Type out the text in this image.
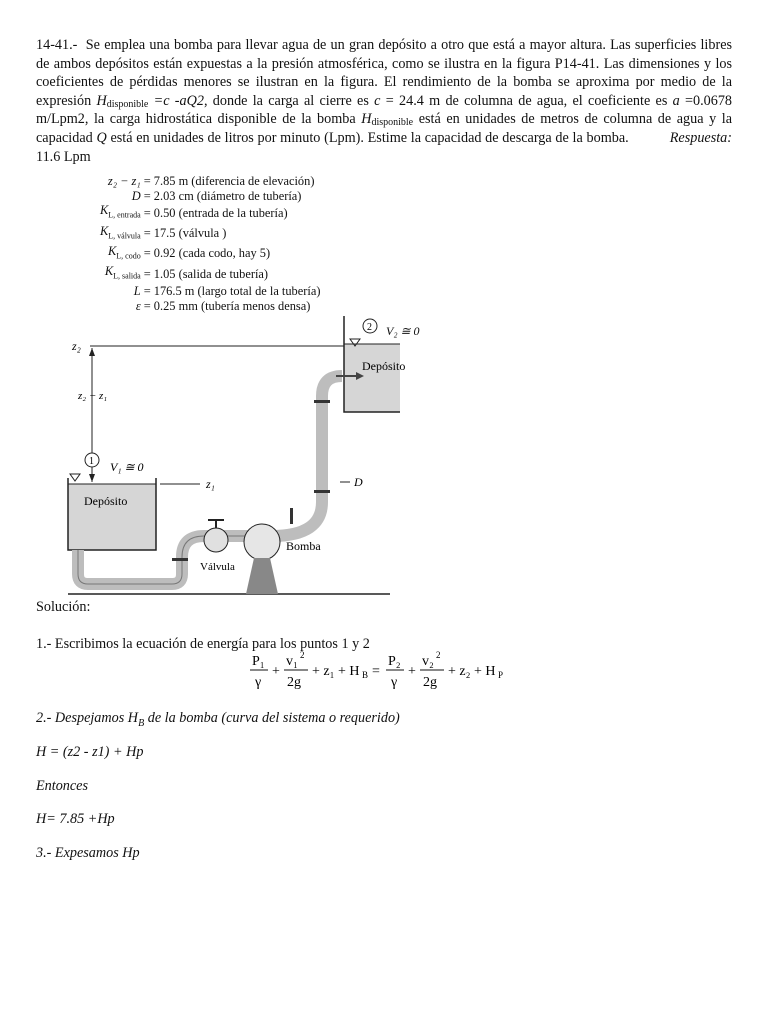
14-41.- Se emplea una bomba para llevar agua de un gran depósito a otro que está a mayor altura. Las superficies libres de ambos depósitos están expuestas a la presión atmosférica, como se ilustra en la figura P14-41. Las dimensiones y los coeficientes de pérdidas menores se ilustran en la figura. El rendimiento de la bomba se aproxima por medio de la expresión $H_{disponible} =c$ -aQ2, donde la carga al cierre es c = 24.4 m de columna de agua, el coeficiente es a =0.0678 m/Lpm2, la carga hidrostática disponible de la bomba $H_{disponible}$ está en unidades de metros de columna de agua y la capacidad Q está en unidades de litros por minuto (Lpm). Estime la capacidad de descarga de la bomba.	Respuesta: 11.6 Lpm
z₂ − z₁	= 7.85 m (diferencia de elevación)
D	= 2.03 cm (diámetro de tubería)
$K_{L, entrada}$	= 0.50 (entrada de la tubería)
$K_{L, válvula}$	= 17.5 (válvula )
$K_{L, codo}$	= 0.92 (cada codo, hay 5)
$K_{L, salida}$	= 1.05 (salida de tubería)
L	= 176.5 m (largo total de la tubería)
ε	= 0.25 mm (tubería menos densa)
z₂
z₂ − z₁
z₁
Depósito
Depósito
1 V₁ ≅ 0
2
D
Válvula
Bomba
V₂ ≅ 0
Solución:
1.- Escribimos la ecuación de energía para los puntos 1 y 2
P₁
γ
+
v₁ 2
2g
+ z₁ + H B =
P₂
γ
+
v₂ 2
2g
+ z₂ + H P
2.- Despejamos $H_B$ de la bomba (curva del sistema o requerido)
H = (z2 - z1) + Hp
Entonces
H= 7.85 +Hp
3.- Expesamos Hp
